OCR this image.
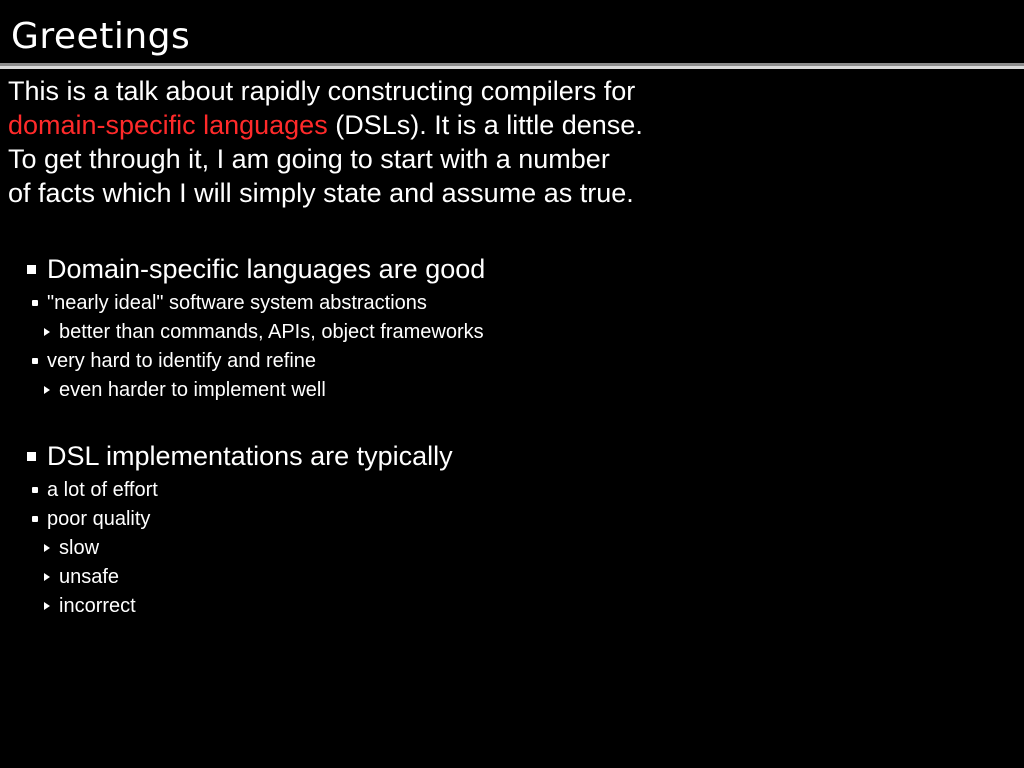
Greetings
This is a talk about rapidly constructing compilers for
domain-specific languages (DSLs). It is a little dense.
To get through it, I am going to start with a number
of facts which I will simply state and assume as true.
Domain-specific languages are good
"nearly ideal" software system abstractions
better than commands, APIs, object frameworks
very hard to identify and refine
even harder to implement well
DSL implementations are typically
a lot of effort
poor quality
slow
unsafe
incorrect
